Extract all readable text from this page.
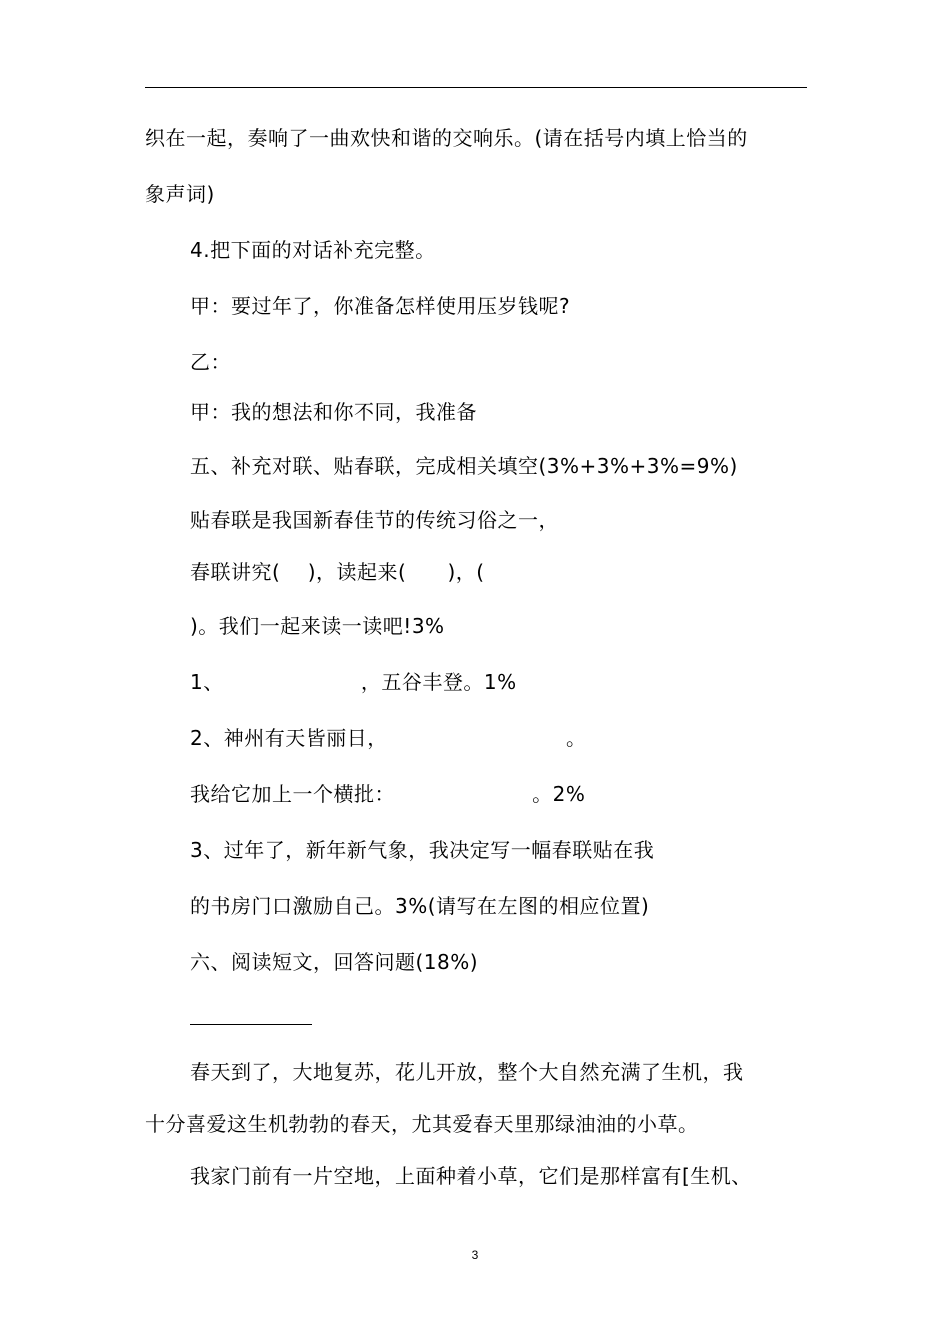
织在一起，奏响了一曲欢快和谐的交响乐。(请在括号内填上恰当的
象声词)
4.把下面的对话补充完整。
甲：要过年了，你准备怎样使用压岁钱呢?
乙：
甲：我的想法和你不同，我准备
五、补充对联、贴春联，完成相关填空(3%+3%+3%=9%)
贴春联是我国新春佳节的传统习俗之一，
春联讲究(    )，读起来(      )，(
)。我们一起来读一读吧!3%
1、                    ，五谷丰登。1%
2、神州有天皆丽日，                          。
我给它加上一个横批：                    。2%
3、过年了，新年新气象，我决定写一幅春联贴在我
的书房门口激励自己。3%(请写在左图的相应位置)
六、阅读短文，回答问题(18%)
春天到了，大地复苏，花儿开放，整个大自然充满了生机，我
十分喜爱这生机勃勃的春天，尤其爱春天里那绿油油的小草。
我家门前有一片空地，上面种着小草，它们是那样富有[生机、
3
